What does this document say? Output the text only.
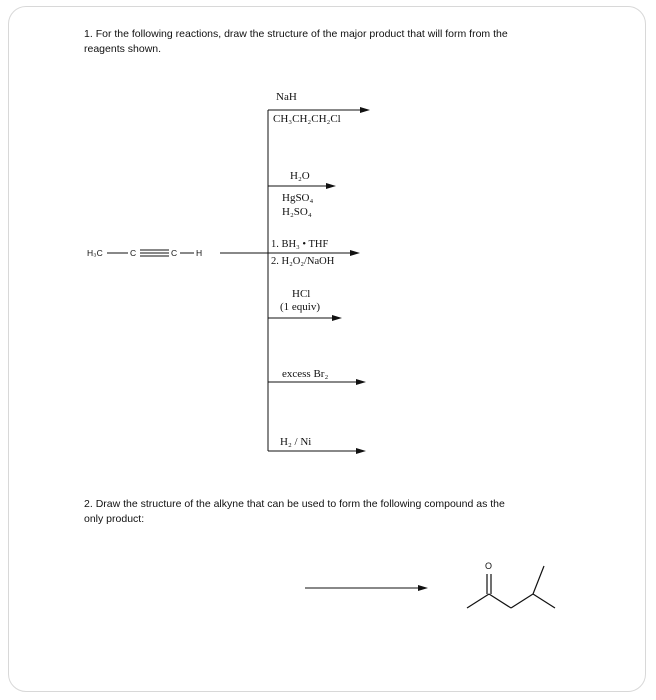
1. For the following reactions, draw the structure of the major product that will form from the
reagents shown.
H₃C	C	C H
NaH
CH₃CH₂CH₂Cl
H₂O
HgSO₄
H₂SO₄
1. BH₃ • THF
2. H₂O₂/NaOH
HCl
(1 equiv)
excess Br₂
H₂ / Ni
2. Draw the structure of the alkyne that can be used to form the following compound as the
only product:
O
